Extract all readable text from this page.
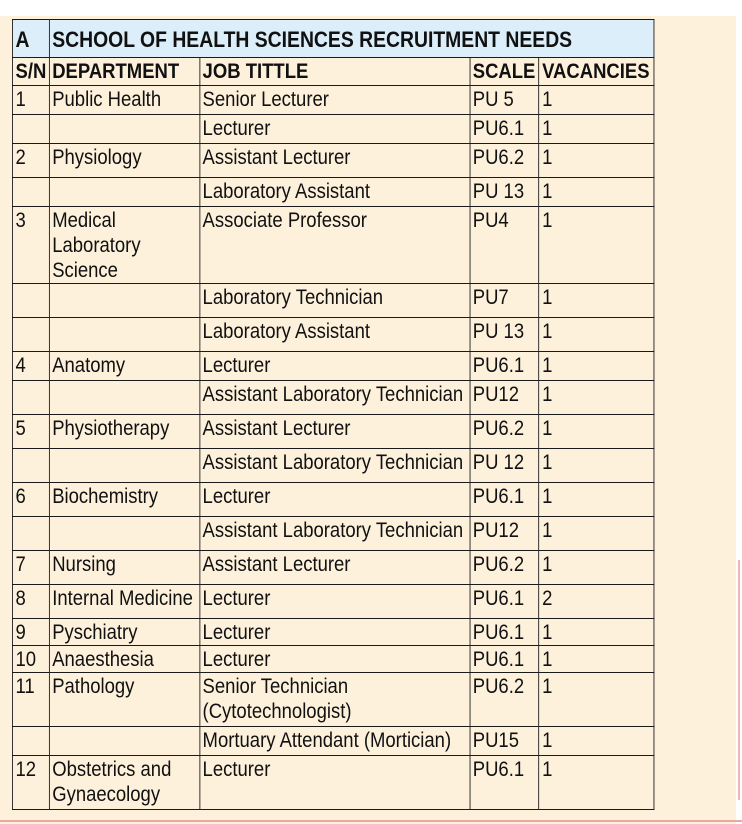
A	SCHOOL OF HEALTH SCIENCES RECRUITMENT NEEDS			
S/N	DEPARTMENT	JOB TITTLE	SCALE	VACANCIES
1	Public Health	Senior Lecturer	PU 5	1
		Lecturer	PU6.1	1
2	Physiology	Assistant Lecturer	PU6.2	1
		Laboratory Assistant	PU 13	1
3	Medical Laboratory Science	Associate Professor	PU4	1
		Laboratory Technician	PU7	1
		Laboratory Assistant	PU 13	1
4	Anatomy	Lecturer	PU6.1	1
		Assistant Laboratory Technician	PU12	1
5	Physiotherapy	Assistant Lecturer	PU6.2	1
		Assistant Laboratory Technician	PU 12	1
6	Biochemistry	Lecturer	PU6.1	1
		Assistant Laboratory Technician	PU12	1
7	Nursing	Assistant Lecturer	PU6.2	1
8	Internal Medicine	Lecturer	PU6.1	2
9	Pyschiatry	Lecturer	PU6.1	1
10	Anaesthesia	Lecturer	PU6.1	1
11	Pathology	Senior Technician (Cytotechnologist)	PU6.2	1
		Mortuary Attendant (Mortician)	PU15	1
12	Obstetrics and Gynaecology	Lecturer	PU6.1	1
